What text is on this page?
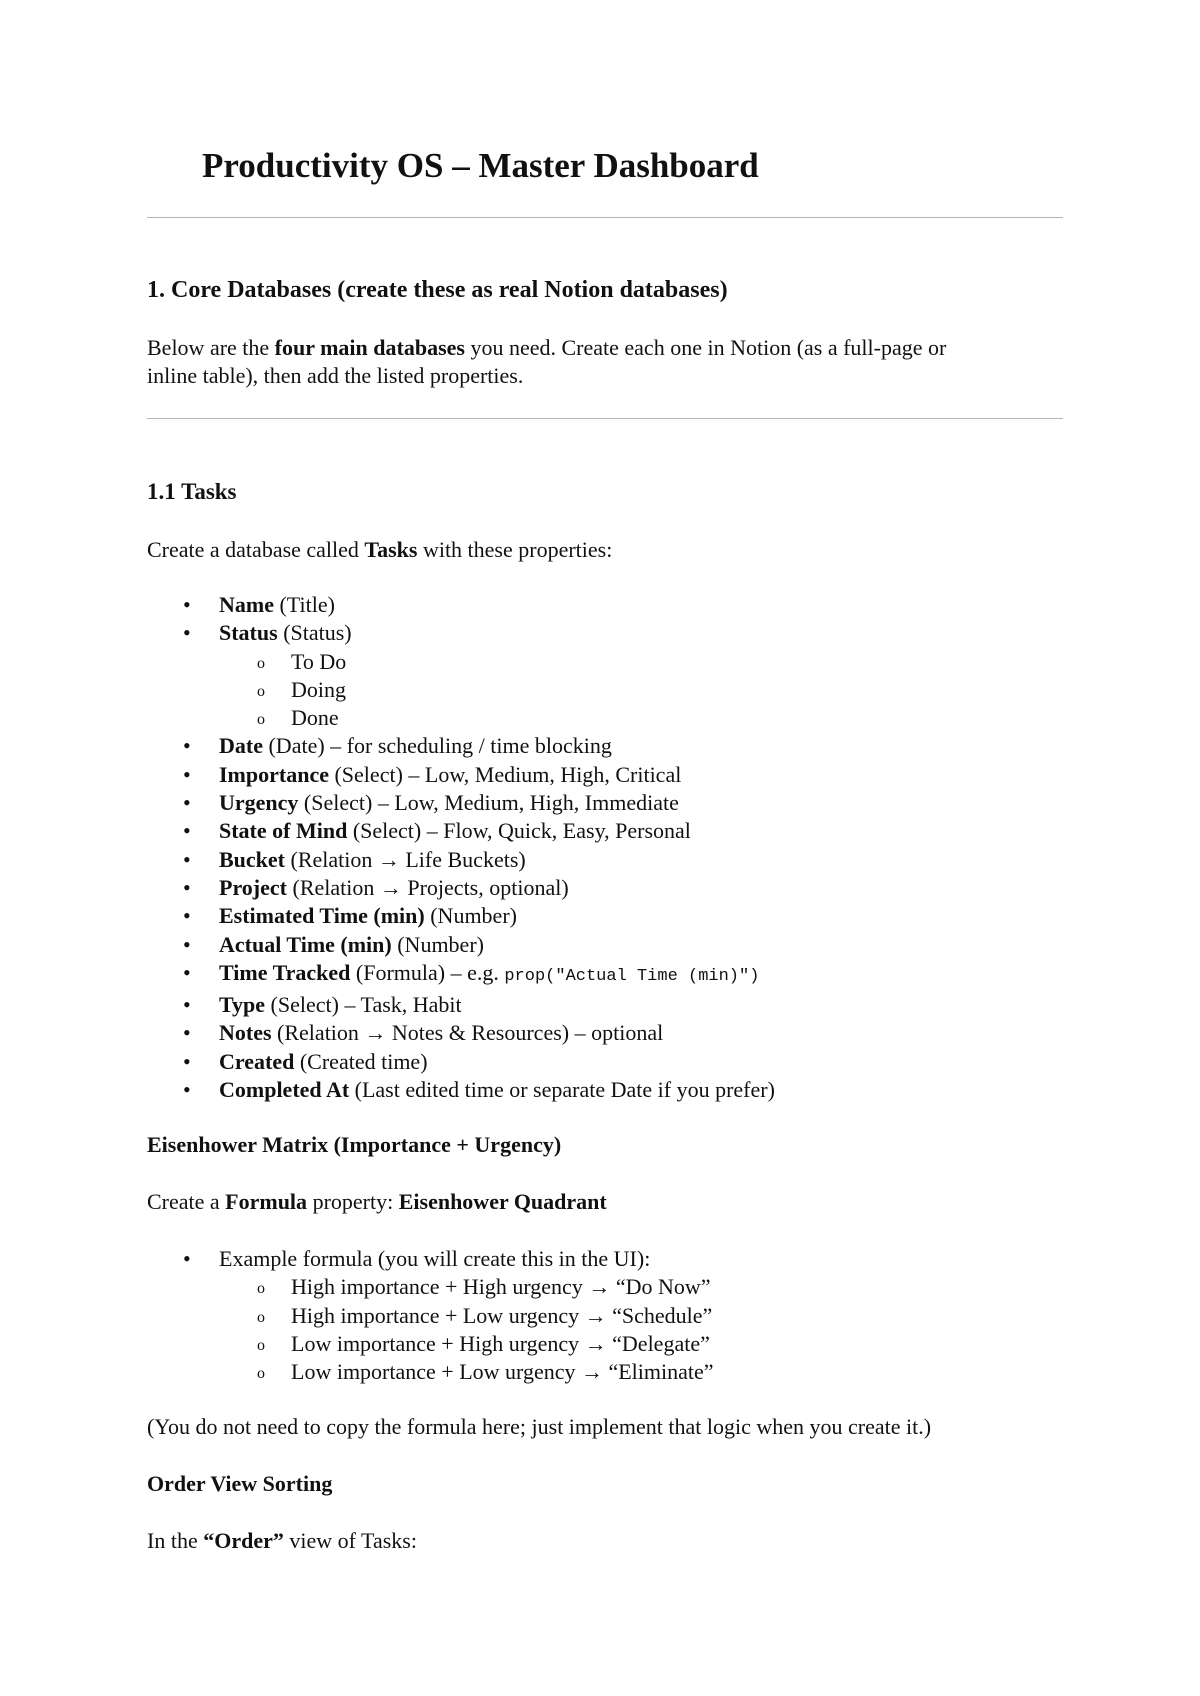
Productivity OS – Master Dashboard
1. Core Databases (create these as real Notion databases)

Below are the four main databases you need. Create each one in Notion (as a full-page or

inline table), then add the listed properties.

1.1 Tasks

Create a database called Tasks with these properties:

• Name (Title)
• Status (Status)
o To Do
o Doing
o Done
• Date (Date) – for scheduling / time blocking
• Importance (Select) – Low, Medium, High, Critical
• Urgency (Select) – Low, Medium, High, Immediate
• State of Mind (Select) – Flow, Quick, Easy, Personal
• Bucket (Relation → Life Buckets)
• Project (Relation → Projects, optional)
• Estimated Time (min) (Number)
• Actual Time (min) (Number)
• Time Tracked (Formula) – e.g. prop("Actual Time (min)")
• Type (Select) – Task, Habit
• Notes (Relation → Notes & Resources) – optional
• Created (Created time)
• Completed At (Last edited time or separate Date if you prefer)

Eisenhower Matrix (Importance + Urgency)

Create a Formula property: Eisenhower Quadrant

• Example formula (you will create this in the UI):
o High importance + High urgency → “Do Now”
o High importance + Low urgency → “Schedule”
o Low importance + High urgency → “Delegate”
o Low importance + Low urgency → “Eliminate”

(You do not need to copy the formula here; just implement that logic when you create it.)

Order View Sorting

In the “Order” view of Tasks:
